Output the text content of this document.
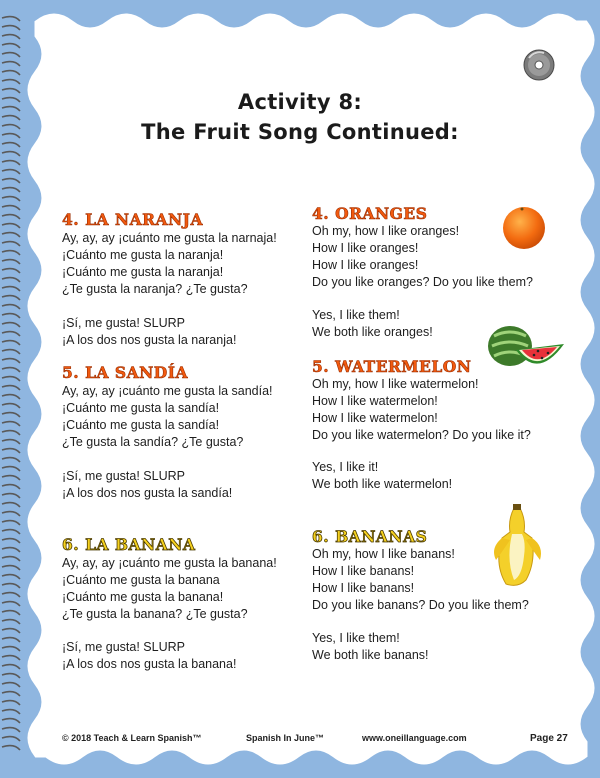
Activity 8:
The Fruit Song Continued:
4. LA NARANJA
Ay, ay, ay ¡cuánto me gusta la narnaja!
¡Cuánto me gusta la naranja!
¡Cuánto me gusta la naranja!
¿Te gusta la naranja? ¿Te gusta?
¡Sí, me gusta! SLURP
¡A los dos nos gusta la naranja!
5. LA SANDÍA
Ay, ay, ay ¡cuánto me gusta la sandía!
¡Cuánto me gusta la sandía!
¡Cuánto me gusta la sandía!
¿Te gusta la sandía? ¿Te gusta?
¡Sí, me gusta! SLURP
¡A los dos nos gusta la sandía!
6. LA BANANA
Ay, ay, ay ¡cuánto me gusta la banana!
¡Cuánto me gusta la banana
¡Cuánto me gusta la banana!
¿Te gusta la banana? ¿Te gusta?
¡Sí, me gusta! SLURP
¡A los dos nos gusta la banana!
4. ORANGES
Oh my, how I like oranges!
How I like oranges!
How I like oranges!
Do you like oranges? Do you like them?
Yes, I like them!
We both like oranges!
5. WATERMELON
Oh my, how I like watermelon!
How I like watermelon!
How I like watermelon!
Do you like watermelon? Do you like it?
Yes, I like it!
We both like watermelon!
6. BANANAS
Oh my, how I like banans!
How I like banans!
How I like banans!
Do you like banans? Do you like them?
Yes, I like them!
We both like banans!
© 2018 Teach & Learn Spanish™	Spanish In June™	www.oneillanguage.com	Page 27
